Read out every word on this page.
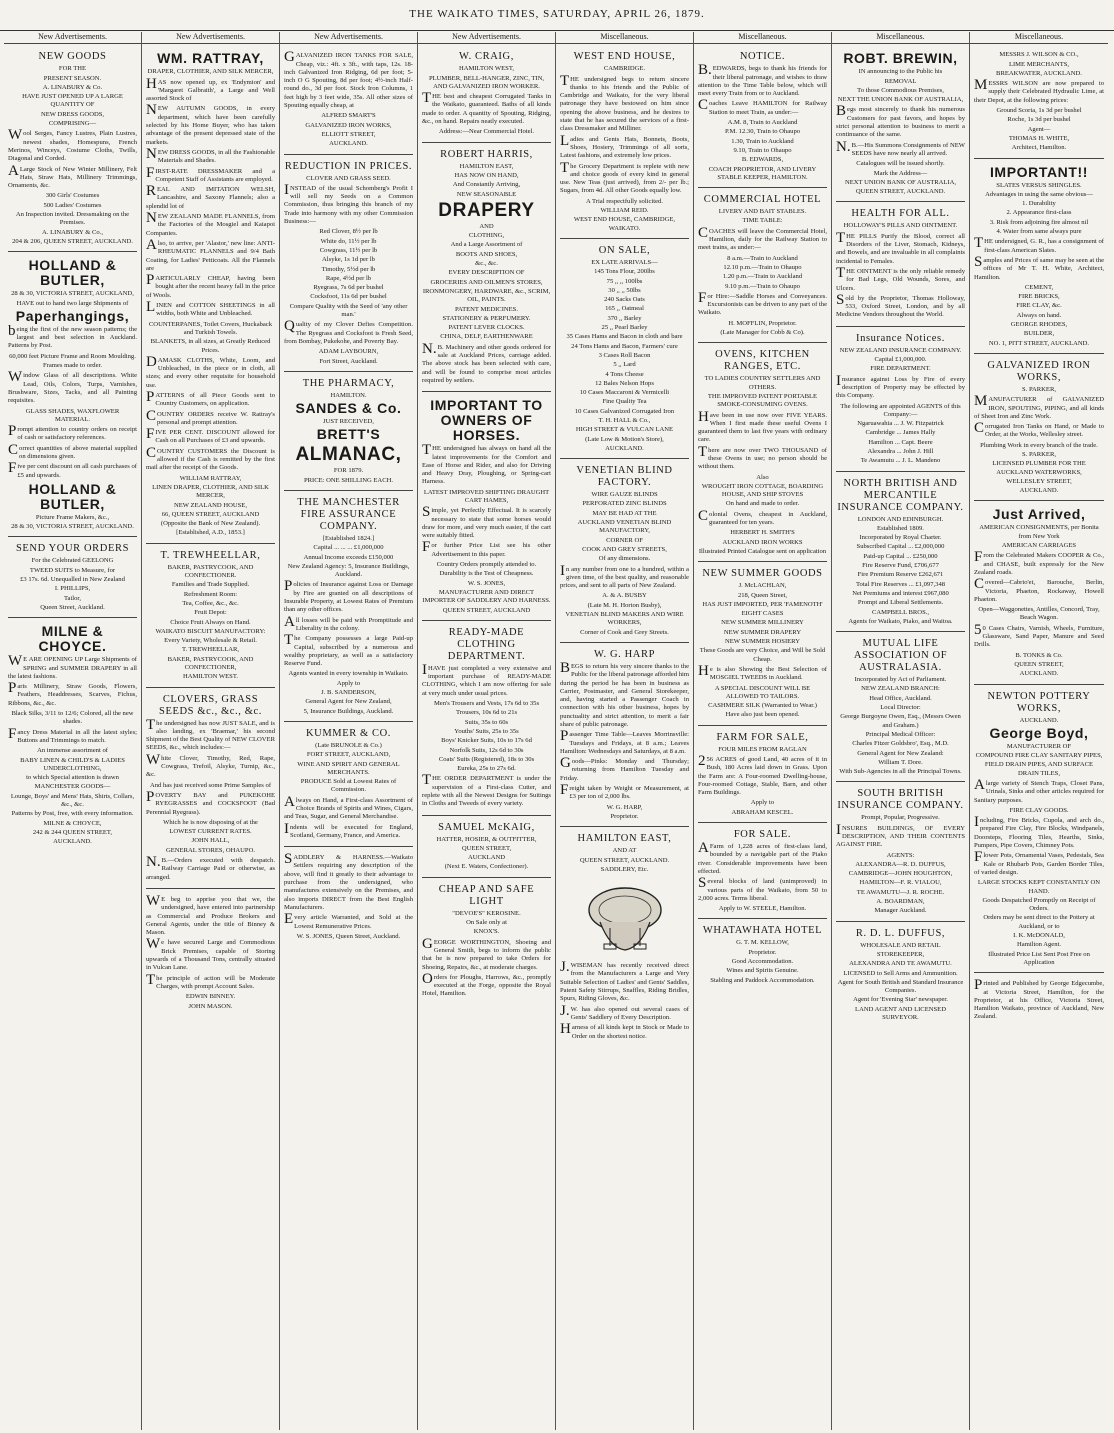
THE WAIKATO TIMES, SATURDAY, APRIL 26, 1879.
New Advertisements.
NEW GOODS
FOR THE
PRESENT SEASON.
A. LINABURY & Co.
HAVE JUST OPENED UP A LARGE QUANTITY OF
NEW DRESS GOODS,
COMPRISING—
Wool Serges, Fancy Lustres, Plain Lustres, newest shades, Homespuns, French Merinos, Winceys, Costume Cloths, Twills, Diagonal and Corded.
ALarge Stock of New Winter Millinery, Felt Hats, Straw Hats, Millinery Trimmings, Ornaments, &c.
300 Girls' Costumes
500 Ladies' Costumes
An Inspection invited. Dressmaking on the Premises.
A. LINABURY & Co.,
204 & 206, QUEEN STREET, AUCKLAND.
HOLLAND & BUTLER,
28 & 30, VICTORIA STREET, AUCKLAND,
HAVE out to hand two large Shipments of
Paperhangings,
being the first of the new season patterns; the largest and best selection in Auckland. Patterns by Post.
60,000 feet Picture Frame and Room Moulding.
Frames made to order.
Window Glass of all descriptions. White Lead, Oils, Colors, Turps, Varnishes, Brushware, Sizes, Tacks, and all Painting requisites.
GLASS SHADES, WAXFLOWER MATERIAL.
Prompt attention to country orders on receipt of cash or satisfactory references.
Correct quantities of above material supplied on dimensions given.
Five per cent discount on all cash purchases of £5 and upwards.
HOLLAND & BUTLER,
Picture Frame Makers, &c.,
28 & 30, VICTORIA STREET, AUCKLAND.
SEND YOUR ORDERS
For the Celebrated GEELONG
TWEED SUITS to Measure, for
£3 17s. 6d. Unequalled in New Zealand
I. PHILLIPS,
Tailor,
Queen Street, Auckland.
MILNE & CHOYCE.
WE ARE OPENING UP Large Shipments of SPRING and SUMMER DRAPERY in all the latest fashions.
Paris Millinery, Straw Goods, Flowers, Feathers, Headdresses, Scarves, Fichus, Ribbons, &c., &c.
Black Silks, 3/11 to 12/6; Colored, all the new shades.
Fancy Dress Material in all the latest styles; Buttons and Trimmings to match.
An immense assortment of
BABY LINEN & CHILD'S & LADIES UNDERCLOTHING,
to which Special attention is drawn
MANCHESTER GOODS—
Lounge, Boys' and Mens' Hats, Shirts, Collars, &c., &c.
Patterns by Post, free, with every information.
MILNE & CHOYCE,
242 & 244 QUEEN STREET,
AUCKLAND.
New Advertisements.
WM. RATTRAY,
DRAPER, CLOTHIER, AND SILK MERCER,
HAS now opened up, ex 'Endymion' and 'Margaret Galbraith', a Large and Well assorted Stock of
NEW AUTUMN GOODS, in every department, which have been carefully selected by his Home Buyer, who has taken advantage of the present depressed state of the markets.
NEW DRESS GOODS, in all the Fashionable Materials and Shades.
FIRST-RATE DRESSMAKER and a Competent Staff of Assistants are employed.
REAL AND IMITATION WELSH, Lancashire, and Saxony Flannels; also a splendid lot of
NEW ZEALAND MADE FLANNELS, from the Factories of the Mosgiel and Kaiapoi Companies.
Also, to arrive, per 'Alastor,' new line: ANTI-RHEUMATIC FLANNELS and 9/4 Bath Coating, for Ladies' Petticoats. All the Flannels are
PARTICULARLY CHEAP, having been bought after the recent heavy fall in the price of Wools.
LINEN and COTTON SHEETINGS in all widths, both White and Unbleached.
COUNTERPANES, Toilet Covers, Huckaback and Turkish Towels.
BLANKETS, in all sizes, at Greatly Reduced Prices.
DAMASK CLOTHS, White, Loom, and Unbleached, in the piece or in cloth, all sizes; and every other requisite for household use.
PATTERNS of all Piece Goods sent to Country Customers, on application.
COUNTRY ORDERS receive W. Rattray's personal and prompt attention.
FIVE PER CENT. DISCOUNT allowed for Cash on all Purchases of £3 and upwards.
COUNTRY CUSTOMERS the Discount is allowed if the Cash is remitted by the first mail after the receipt of the Goods.
WILLIAM RATTRAY,
LINEN DRAPER, CLOTHIER, AND SILK MERCER,
NEW ZEALAND HOUSE,
66, QUEEN STREET, AUCKLAND
(Opposite the Bank of New Zealand).
[Established, A.D., 1853.]
T. TREWHEELLAR,
BAKER, PASTRYCOOK, AND CONFECTIONER.
Families and Trade Supplied.
Refreshment Room:
Tea, Coffee, &c., &c.
Fruit Depot:
Choice Fruit Always on Hand.
WAIKATO BISCUIT MANUFACTORY:
Every Variety, Wholesale & Retail.
T. TREWHEELLAR,
BAKER, PASTRYCOOK, AND CONFECTIONER,
HAMILTON WEST.
CLOVERS, GRASS SEEDS &c., &c., &c.
The undersigned has now JUST SALE, and is also landing, ex 'Braemar,' his second Shipment of the Best Quality of NEW CLOVER SEEDS, &c., which includes:—
White Clover, Timothy, Red, Rape, Cowgrass, Trefoil, Alsyke, Turnip, &c., &c.
And has just received some Prime Samples of
POVERTY BAY and PUKEKOHE RYEGRASSES and COCKSFOOT (Bad Perennial Ryegrass).
Which he is now disposing of at the
LOWEST CURRENT RATES.
JOHN HALL,
GENERAL STORES, OHAUPO.
N.B.—Orders executed with despatch. Railway Carriage Paid or otherwise, as arranged.
WE beg to apprise you that we, the undersigned, have entered into partnership as Commercial and Produce Brokers and General Agents, under the title of Binney & Mason.
We have secured Large and Commodious Brick Premises, capable of Storing upwards of a Thousand Tons, centrally situated in Vulcan Lane.
The principle of action will be Moderate Charges, with prompt Account Sales.
EDWIN BINNEY.
JOHN MASON.
New Advertisements.
GALVANIZED IRON TANKS FOR SALE, Cheap, viz.: 4ft. x 3ft., with taps, 12s. 18-inch Galvanized Iron Ridging, 6d per foot; 5-inch O G Spouting, 8d per foot; 4½-inch Half-round do., 3d per foot. Stock Iron Columns, 1 feet high by 3 feet wide, 35s. All other sizes of Spouting equally cheap, at
ALFRED SMART'S
GALVANIZED IRON WORKS,
ELLIOTT STREET,
AUCKLAND.
REDUCTION IN PRICES.
CLOVER AND GRASS SEED.
INSTEAD of the usual Schomberg's Profit I will sell my Seeds on a Common Commission, thus bringing this branch of my Trade into harmony with my other Commission Business:—
Red Clover, 8½ per lb
White do, 11½ per lb
Cowgrass, 11½ per lb
Alsyke, 1s 1d per lb
Timothy, 5½d per lb
Rape, 4½d per lb
Ryegrass, 7s 6d per bushel
Cocksfoot, 11s 6d per bushel
Compare Quality with the Seed of 'any other man.'
Quality of my Clover Defies Competition. The Ryegrass and Cocksfoot is Fresh Seed, from Bombay, Pukekohe, and Poverty Bay.
ADAM LAYBOURN,
Fort Street, Auckland.
THE PHARMACY,
HAMILTON.
SANDES & Co.
JUST RECEIVED,
BRETT'S
ALMANAC,
FOR 1879.
PRICE: ONE SHILLING EACH.
THE MANCHESTER FIRE ASSURANCE COMPANY.
[Established 1824.]
Capital ... ... ... £1,000,000
Annual Income exceeds £150,000
New Zealand Agency: 5, Insurance Buildings, Auckland.
Policies of Insurance against Loss or Damage by Fire are granted on all descriptions of Insurable Property, at Lowest Rates of Premium than any other offices.
All losses will be paid with Promptitude and Liberality in the colony.
The Company possesses a large Paid-up Capital, subscribed by a numerous and wealthy proprietary, as well as a satisfactory Reserve Fund.
Agents wanted in every township in Waikato.
Apply to
J. B. SANDERSON,
General Agent for New Zealand,
5, Insurance Buildings, Auckland.
KUMMER & CO.
(Late BRUNOLE & Co.)
FORT STREET, AUCKLAND,
WINE AND SPIRIT AND GENERAL MERCHANTS.
PRODUCE Sold at Lowest Rates of Commission.
Always on Hand, a First-class Assortment of Choice Brands of Spirits and Wines, Cigars, and Teas, Sugar, and General Merchandise.
Indents will be executed for England, Scotland, Germany, France, and America.
SADDLERY & HARNESS.—Waikato Settlers requiring any description of the above, will find it greatly to their advantage to purchase from the undersigned, who manufactures extensively on the Premises, and also imports DIRECT from the Best English Manufacturers.
Every article Warranted, and Sold at the Lowest Remunerative Prices.
W. S. JONES, Queen Street, Auckland.
New Advertisements.
W. CRAIG,
HAMILTON WEST,
PLUMBER, BELL-HANGER, ZINC, TIN, AND GALVANIZED IRON WORKER.
THE best and cheapest Corrugated Tanks in the Waikato, guaranteed. Baths of all kinds made to order. A quantity of Spouting, Ridging, &c., on hand. Repairs neatly executed.
Address:—Near Commercial Hotel.
ROBERT HARRIS,
HAMILTON EAST,
HAS NOW ON HAND,
And Constantly Arriving,
NEW SEASONABLE
DRAPERY
AND
CLOTHING,
And a Large Assortment of
BOOTS AND SHOES,
&c., &c.
EVERY DESCRIPTION OF
GROCERIES AND OILMEN'S STORES,
IRONMONGERY, HARDWARE, &c., SCRIM, OIL, PAINTS.
PATENT MEDICINES.
STATIONERY & PERFUMERY.
PATENT LEVER CLOCKS.
CHINA, DELF, EARTHENWARE
N.B. Machinery and other goods ordered for sale at Auckland Prices, carriage added. The above stock has been selected with care, and will be found to comprise most articles required by settlers.
IMPORTANT TO OWNERS OF HORSES.
THE undersigned has always on hand all the latest improvements for the Comfort and Ease of Horse and Rider, and also for Driving and Heavy Dray, Ploughing, or Spring-cart Harness.
LATEST IMPROVED SHIFTING DRAUGHT CART HAMES,
Simple, yet Perfectly Effectual. It is scarcely necessary to state that some horses would draw for more, and very much easier, if the cart were suitably fitted.
For further Price List see his other Advertisement in this paper.
Country Orders promptly attended to.
Durability is the Test of Cheapness.
W. S. JONES,
MANUFACTURER AND DIRECT IMPORTER OF SADDLERY AND HARNESS.
QUEEN STREET, AUCKLAND
READY-MADE CLOTHING DEPARTMENT.
IHAVE just completed a very extensive and important purchase of READY-MADE CLOTHING, which I am now offering for sale at very much under usual prices.
Men's Trousers and Vests, 17s 6d to 35s
Trousers, 10s 6d to 21s
Suits, 35s to 60s
Youths' Suits, 25s to 35s
Boys' Knicker Suits, 10s to 17s 6d
Norfolk Suits, 12s 6d to 30s
Coats' Suits (Registered), 18s to 30s
Eureka, 25s to 27s 6d.
THE ORDER DEPARTMENT is under the supervision of a First-class Cutter, and replete with all the Newest Designs for Suitings in Cloths and Tweeds of every variety.
SAMUEL McKAIG,
HATTER, HOSIER, & OUTFITTER,
QUEEN STREET,
AUCKLAND
(Next E. Waters, Confectioner).
CHEAP AND SAFE LIGHT
"DEVOE'S" KEROSINE.
On Sale only at
KNOX'S.
GEORGE WORTHINGTON, Shoeing and General Smith, begs to inform the public that he is now prepared to take Orders for Shoeing, Repairs, &c., at moderate charges.
Orders for Ploughs, Harrows, &c., promptly executed at the Forge, opposite the Royal Hotel, Hamilton.
Miscellaneous.
WEST END HOUSE,
CAMBRIDGE.
THE undersigned begs to return sincere thanks to his friends and the Public of Cambridge and Waikato, for the very liberal patronage they have bestowed on him since opening the above business, and he desires to state that he has secured the services of a first-class Dressmaker and Milliner.
Ladies and Gents Hats, Bonnets, Boots, Shoes, Hosiery, Trimmings of all sorts, Latest fashions, and extremely low prices.
The Grocery Department is replete with new and choice goods of every kind in general use. New Teas (just arrived), from 2/- per lb.; Sugars, from 4d. All other Goods equally low.
A Trial respectfully solicited.
WILLIAM REID.
WEST END HOUSE, CAMBRIDGE, WAIKATO.
ON SALE,
EX LATE ARRIVALS—
145 Tons Flour, 200lbs
75 ,, ,, 100lbs
30 ,, ,, 50lbs
240 Sacks Oats
165 ,, Oatmeal
370 ,, Barley
25 ,, Pearl Barley
35 Cases Hams and Bacon in cloth and bare
24 Tons Hams and Bacon, Farmers' cure
3 Cases Roll Bacon
5 ,, Lard
4 Tons Cheese
12 Bales Nelson Hops
10 Cases Maccaroni & Vermicelli
Fine Quality Tea
10 Cases Galvanized Corrugated Iron
T. H. HALL & Co.,
HIGH STREET & VULCAN LANE
(Late Low & Motion's Store),
AUCKLAND.
VENETIAN BLIND FACTORY.
WIRE GAUZE BLINDS
PERFORATED ZINC BLINDS
MAY BE HAD AT THE
AUCKLAND VENETIAN BLIND MANUFACTORY,
CORNER OF
COOK AND GREY STREETS,
Of any dimensions.
In any number from one to a hundred, within a given time, of the best quality, and reasonable prices, and sent to all parts of New Zealand.
A. & A. BUSBY
(Late M. H. Horton Busby),
VENETIAN BLIND MAKERS AND WIRE WORKERS,
Corner of Cook and Grey Streets.
W. G. HARP
BEGS to return his very sincere thanks to the Public for the liberal patronage afforded him during the period he has been in business as Carrier, Postmaster, and General Storekeeper, and, having started a Passenger Coach in connection with his other business, hopes by punctuality and strict attention, to merit a fair share of public patronage.
Passenger Time Table—Leaves Morrinsville: Tuesdays and Fridays, at 8 a.m.; Leaves Hamilton: Wednesdays and Saturdays, at 8 a.m.
Goods—Pinks: Monday and Thursday; returning from Hamilton Tuesday and Friday.
Freight taken by Weight or Measurement, at £3 per ton of 2,000 lbs.
W. G. HARP,
Proprietor.
HAMILTON EAST,
AND AT
QUEEN STREET, AUCKLAND.
SADDLERY, Etc.
J.WISEMAN has recently received direct from the Manufacturers a Large and Very Suitable Selection of Ladies' and Gents' Saddles, Patent Safety Stirrups, Snaffles, Riding Bridles, Spurs, Riding Gloves, &c.
J.W. has also opened out several cases of Gents' Saddlery of Every Description.
Harness of all kinds kept in Stock or Made to Order on the shortest notice.
Miscellaneous.
NOTICE.
B.EDWARDS, begs to thank his friends for their liberal patronage, and wishes to draw attention to the Time Table below, which will meet every Train from or to Auckland.
Coaches Leave HAMILTON for Railway Station to meet Train, as under:—
A.M. 8, Train to Auckland
P.M. 12.30, Train to Ohaupo
1.30, Train to Auckland
9.10, Train to Ohaupo
B. EDWARDS,
COACH PROPRIETOR, AND LIVERY STABLE KEEPER, HAMILTON.
COMMERCIAL HOTEL
LIVERY AND BAIT STABLES.
TIME TABLE:
COACHES will leave the Commercial Hotel, Hamilton, daily for the Railway Station to meet trains, as under:—
8 a.m.—Train to Auckland
12.10 p.m.—Train to Ohaupo
1.20 p.m.—Train to Auckland
9.10 p.m.—Train to Ohaupo
For Hire:—Saddle Horses and Conveyances. Excursionists can be driven to any part of the Waikato.
H. MOFFLIN, Proprietor.
(Late Manager for Cobb & Co).
OVENS, KITCHEN RANGES, ETC.
TO LADIES COUNTRY SETTLERS AND OTHERS.
THE IMPROVED PATENT PORTABLE SMOKE-CONSUMING OVENS.
Have been in use now over FIVE YEARS. When I first made these useful Ovens I guaranteed them to last five years with ordinary care.
There are now over TWO THOUSAND of these Ovens in use; no person should be without them.
Also
WROUGHT IRON COTTAGE, BOARDING HOUSE, AND SHIP STOVES
On hand and made to order.
Colonial Ovens, cheapest in Auckland, guaranteed for ten years.
HERBERT H. SMITH'S
AUCKLAND IRON WORKS
Illustrated Printed Catalogue sent on application
NEW SUMMER GOODS
J. McLACHLAN,
218, Queen Street,
HAS JUST IMPORTED, PER 'FAMENOTH'
EIGHT CASES
NEW SUMMER MILLINERY
NEW SUMMER DRAPERY
NEW SUMMER HOSIERY
These Goods are very Choice, and Will be Sold Cheap.
He is also Showing the Best Selection of MOSGIEL TWEEDS in Auckland.
A SPECIAL DISCOUNT WILL BE ALLOWED TO TAILORS.
CASHMERE SILK (Warranted to Wear.)
Have also just been opened.
FARM FOR SALE,
FOUR MILES FROM RAGLAN
256 ACRES of good Land, 40 acres of it in Bush, 180 Acres laid down in Grass. Upon the Farm are: A Four-roomed Dwelling-house, Four-roomed Cottage, Stable, Barn, and other Farm Buildings.
Apply to
ABRAHAM KESCEL.
FOR SALE.
AFarm of 1,228 acres of first-class land, bounded by a navigable part of the Piako river. Considerable improvements have been effected.
Several blocks of land (unimproved) in various parts of the Waikato, from 50 to 2,000 acres. Terms liberal.
Apply to W. STEELE, Hamilton.
WHATAWHATA HOTEL
G. T. M. KELLOW,
Proprietor.
Good Accommodation.
Wines and Spirits Genuine.
Stabling and Paddock Accommodation.
Miscellaneous.
ROBT. BREWIN,
IN announcing to the Public his
REMOVAL
To those Commodious Premises,
NEXT THE UNION BANK OF AUSTRALIA,
Begs most sincerely to thank his numerous Customers for past favors, and hopes by strict personal attention to business to merit a continuance of the same.
N.B.—His Summons Consignments of NEW SEEDS have now nearly all arrived.
Catalogues will be issued shortly.
Mark the Address—
NEXT UNION BANK OF AUSTRALIA,
QUEEN STREET, AUCKLAND.
HEALTH FOR ALL.
HOLLOWAY'S PILLS AND OINTMENT.
THE PILLS Purify the Blood, correct all Disorders of the Liver, Stomach, Kidneys, and Bowels, and are invaluable in all complaints incidental to Females.
THE OINTMENT is the only reliable remedy for Bad Legs, Old Wounds, Sores, and Ulcers.
Sold by the Proprietor, Thomas Holloway, 533, Oxford Street, London, and by all Medicine Vendors throughout the World.
Insurance Notices.
NEW ZEALAND INSURANCE COMPANY.
Capital £1,000,000.
FIRE DEPARTMENT.
Insurance against Loss by Fire of every description of Property may be effected by this Company.
The following are appointed AGENTS of this Company:—
Ngaruawahia ... J. W. Fitzpatrick
Cambridge ... James Hally
Hamilton ... Capt. Beere
Alexandra ... John J. Hill
Te Awamutu ... J. L. Mandeno
NORTH BRITISH AND MERCANTILE INSURANCE COMPANY.
LONDON AND EDINBURGH.
Established 1809.
Incorporated by Royal Charter.
Subscribed Capital ... £2,000,000
Paid-up Capital ... £250,000
Fire Reserve Fund, £706,677
Fire Premium Reserve £262,671
Total Fire Reserves ... £1,097,348
Net Premiums and interest £967,080
Prompt and Liberal Settlements.
CAMPBELL BROS.,
Agents for Waikato, Piako, and Waitoa.
MUTUAL LIFE ASSOCIATION OF AUSTRALASIA.
Incorporated by Act of Parliament.
NEW ZEALAND BRANCH:
Head Office, Auckland.
Local Director:
George Burgoyne Owen, Esq., (Messrs Owen and Graham.)
Principal Medical Officer:
Charles Fitzer Goldsbro', Esq., M.D.
General Agent for New Zealand:
William T. Dore.
With Sub-Agencies in all the Principal Towns.
SOUTH BRITISH INSURANCE COMPANY.
Prompt, Popular, Progressive.
INSURES BUILDINGS, OF EVERY DESCRIPTION, AND THEIR CONTENTS AGAINST FIRE.
AGENTS:
ALEXANDRA—R. D. DUFFUS,
CAMBRIDGE—JOHN HOUGHTON,
HAMILTON—F. R. VIALOU,
TE AWAMUTU—J. R. ROCHE.
A. BOARDMAN,
Manager Auckland.
R. D. L. DUFFUS,
WHOLESALE AND RETAIL
STOREKEEPER,
ALEXANDRA AND TE AWAMUTU.
LICENSED to Sell Arms and Ammunition.
Agent for South British and Standard Insurance Companies.
Agent for 'Evening Star' newspaper.
LAND AGENT AND LICENSED SURVEYOR.
Miscellaneous.
MESSRS J. WILSON & CO.,
LIME MERCHANTS,
BREAKWATER, AUCKLAND.
MESSRS WILSON are now prepared to supply their Celebrated Hydraulic Lime, at their Depot, at the following prices:
Ground Scoria, 1s 3d per bushel
Roche, 1s 3d per bushel
Agent—
THOMAS H. WHITE,
Architect, Hamilton.
IMPORTANT!!
SLATES VERSUS SHINGLES.
Advantages in using the same obvious—
1. Durability
2. Appearance first-class
3. Risk from adjoining fire almost nil
4. Water from same always pure
THE undersigned, G. R., has a consignment of first-class American Slates.
Samples and Prices of same may be seen at the offices of Mr T. H. White, Architect, Hamilton.
CEMENT,
FIRE BRICKS,
FIRE CLAY, &c.
Always on hand.
GEORGE RHODES,
BUILDER,
NO. 1, PITT STREET, AUCKLAND.
GALVANIZED IRON WORKS,
S. PARKER,
MANUFACTURER of GALVANIZED IRON, SPOUTING, PIPING, and all kinds of Sheet Iron and Zinc Work.
Corrugated Iron Tanks on Hand, or Made to Order, at the Works, Wellesley street.
Plumbing Work in every branch of the trade.
S. PARKER,
LICENSED PLUMBER FOR THE AUCKLAND WATERWORKS,
WELLESLEY STREET,
AUCKLAND.
Just Arrived,
AMERICAN CONSIGNMENTS, per Bonita from New York
AMERICAN CARRIAGES
From the Celebrated Makers COOPER & Co., and CHASE, built expressly for the New Zealand roads.
Covered—Cabrio'et, Barouche, Berlin, Victoria, Phaeton, Rockaway, Howell Phaeton.
Open—Waggonettes, Antilles, Concord, Tray, Beach Wagon.
50 Cases Chairs, Varnish, Wheels, Furniture, Glassware, Sand Paper, Manure and Seed Drills.
B. TONKS & Co.
QUEEN STREET,
AUCKLAND.
NEWTON POTTERY WORKS,
AUCKLAND.
George Boyd,
MANUFACTURER OF
COMPOUND FIRE CLAY SANITARY PIPES,
FIELD DRAIN PIPES, AND SURFACE DRAIN TILES,
Alarge variety of Stench Traps, Closet Pans, Urinals, Sinks and other articles required for Sanitary purposes.
FIRE CLAY GOODS.
Including, Fire Bricks, Cupola, and arch do., prepared Fire Clay, Fire Blocks, Windpanels, Doorsteps, Flooring Tiles, Hearths, Sinks, Pumpers, Pipe Covers, Chimney Pots.
Flower Pots, Ornamental Vases, Pedestals, Sea Kale or Rhubarb Pots, Garden Border Tiles, of varied design.
LARGE STOCKS KEPT CONSTANTLY ON HAND.
Goods Despatched Promptly on Receipt of Orders.
Orders may be sent direct to the Pottery at Auckland, or to
I. K. McDONALD,
Hamilton Agent.
Illustrated Price List Sent Post Free on Application
Printed and Published by George Edgecumbe, at Victoria Street, Hamilton, for the Proprietor, at his Office, Victoria Street, Hamilton Waikato, province of Auckland, New Zealand.
